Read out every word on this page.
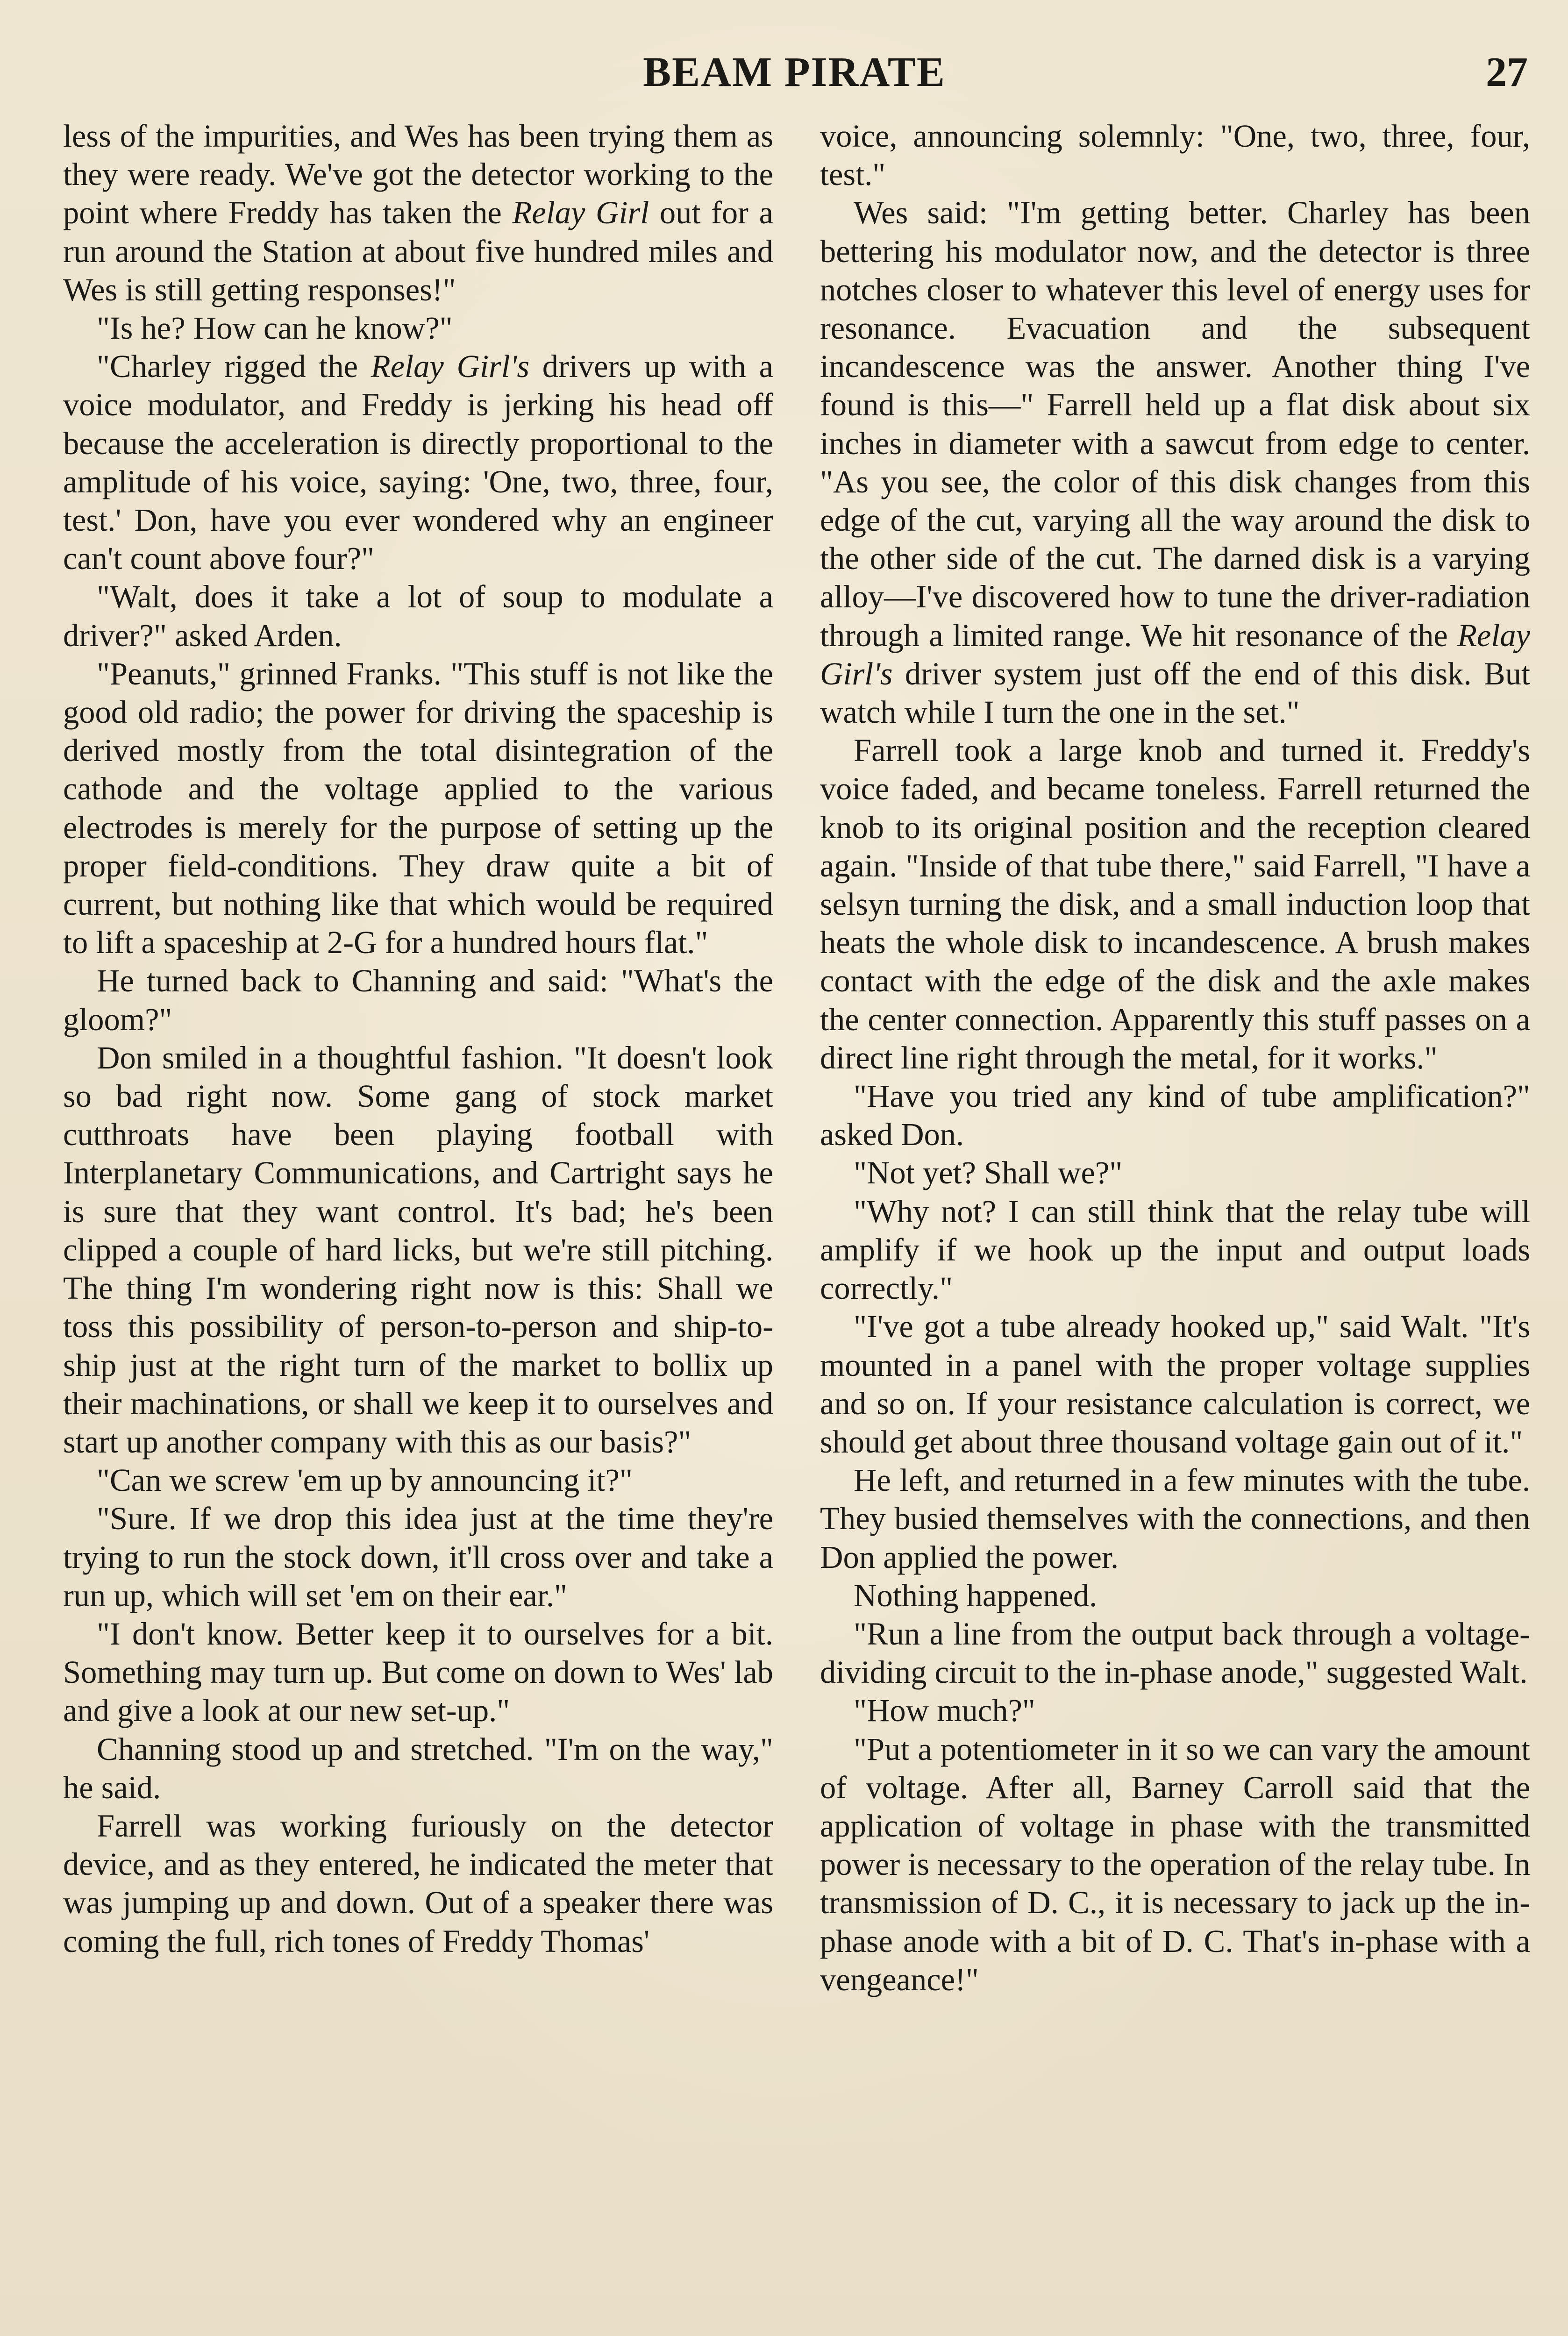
BEAM PIRATE	27

less of the impurities, and Wes has been trying them as they were ready. We've got the detector working to the point where Freddy has taken the Relay Girl out for a run around the Station at about five hundred miles and Wes is still getting responses!"

"Is he? How can he know?"

"Charley rigged the Relay Girl's drivers up with a voice modulator, and Freddy is jerking his head off because the acceleration is directly proportional to the amplitude of his voice, saying: 'One, two, three, four, test.' Don, have you ever wondered why an engineer can't count above four?"

"Walt, does it take a lot of soup to modulate a driver?" asked Arden.

"Peanuts," grinned Franks. "This stuff is not like the good old radio; the power for driving the spaceship is derived mostly from the total disintegration of the cathode and the voltage applied to the various electrodes is merely for the purpose of setting up the proper field-conditions. They draw quite a bit of current, but nothing like that which would be required to lift a spaceship at 2-G for a hundred hours flat."

He turned back to Channing and said: "What's the gloom?"

Don smiled in a thoughtful fashion. "It doesn't look so bad right now. Some gang of stock market cutthroats have been playing football with Interplanetary Communications, and Cartright says he is sure that they want control. It's bad; he's been clipped a couple of hard licks, but we're still pitching. The thing I'm wondering right now is this: Shall we toss this possibility of person-to-person and ship-to-ship just at the right turn of the market to bollix up their machinations, or shall we keep it to ourselves and start up another company with this as our basis?"

"Can we screw 'em up by announcing it?"

"Sure. If we drop this idea just at the time they're trying to run the stock down, it'll cross over and take a run up, which will set 'em on their ear."

"I don't know. Better keep it to ourselves for a bit. Something may turn up. But come on down to Wes' lab and give a look at our new set-up."

Channing stood up and stretched. "I'm on the way," he said.

Farrell was working furiously on the detector device, and as they entered, he indicated the meter that was jumping up and down. Out of a speaker there was coming the full, rich tones of Freddy Thomas'

voice, announcing solemnly: "One, two, three, four, test."

Wes said: "I'm getting better. Charley has been bettering his modulator now, and the detector is three notches closer to whatever this level of energy uses for resonance. Evacuation and the subsequent incandescence was the answer. Another thing I've found is this—" Farrell held up a flat disk about six inches in diameter with a sawcut from edge to center. "As you see, the color of this disk changes from this edge of the cut, varying all the way around the disk to the other side of the cut. The darned disk is a varying alloy—I've discovered how to tune the driver-radiation through a limited range. We hit resonance of the Relay Girl's driver system just off the end of this disk. But watch while I turn the one in the set."

Farrell took a large knob and turned it. Freddy's voice faded, and became toneless. Farrell returned the knob to its original position and the reception cleared again. "Inside of that tube there," said Farrell, "I have a selsyn turning the disk, and a small induction loop that heats the whole disk to incandescence. A brush makes contact with the edge of the disk and the axle makes the center connection. Apparently this stuff passes on a direct line right through the metal, for it works."

"Have you tried any kind of tube amplification?" asked Don.

"Not yet? Shall we?"

"Why not? I can still think that the relay tube will amplify if we hook up the input and output loads correctly."

"I've got a tube already hooked up," said Walt. "It's mounted in a panel with the proper voltage supplies and so on. If your resistance calculation is correct, we should get about three thousand voltage gain out of it."

He left, and returned in a few minutes with the tube. They busied themselves with the connections, and then Don applied the power.

Nothing happened.

"Run a line from the output back through a voltage-dividing circuit to the in-phase anode," suggested Walt.

"How much?"

"Put a potentiometer in it so we can vary the amount of voltage. After all, Barney Carroll said that the application of voltage in phase with the transmitted power is necessary to the operation of the relay tube. In transmission of D. C., it is necessary to jack up the in-phase anode with a bit of D. C. That's in-phase with a vengeance!"
